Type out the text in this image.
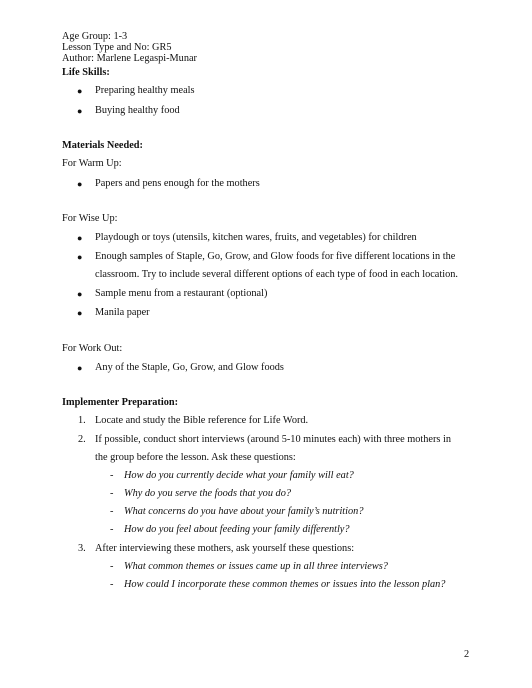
Age Group: 1-3
Lesson Type and No: GR5
Author: Marlene Legaspi-Munar
Life Skills:
● Preparing healthy meals
● Buying healthy food
Materials Needed:
For Warm Up:
● Papers and pens enough for the mothers
For Wise Up:
● Playdough or toys (utensils, kitchen wares, fruits, and vegetables) for children
● Enough samples of Staple, Go, Grow, and Glow foods for five different locations in the
classroom. Try to include several different options of each type of food in each location.
● Sample menu from a restaurant (optional)
● Manila paper
For Work Out:
● Any of the Staple, Go, Grow, and Glow foods
Implementer Preparation:
1. Locate and study the Bible reference for Life Word.
2. If possible, conduct short interviews (around 5-10 minutes each) with three mothers in
the group before the lesson. Ask these questions:
- How do you currently decide what your family will eat?
- Why do you serve the foods that you do?
- What concerns do you have about your family’s nutrition?
- How do you feel about feeding your family differently?
3. After interviewing these mothers, ask yourself these questions:
- What common themes or issues came up in all three interviews?
- How could I incorporate these common themes or issues into the lesson plan?
2
